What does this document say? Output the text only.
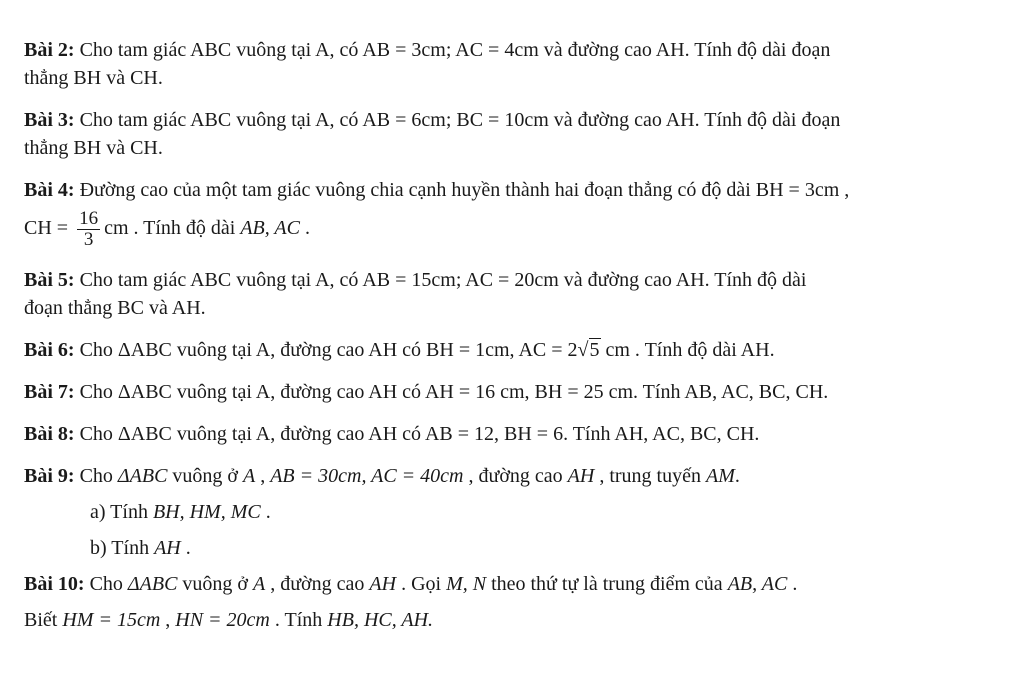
Bài 2: Cho tam giác ABC vuông tại A, có AB = 3cm; AC = 4cm và đường cao AH. Tính độ dài đoạn
thẳng BH và CH.
Bài 3: Cho tam giác ABC vuông tại A, có AB = 6cm; BC = 10cm và đường cao AH. Tính độ dài đoạn
thẳng BH và CH.
Bài 4: Đường cao của một tam giác vuông chia cạnh huyền thành hai đoạn thẳng có độ dài BH = 3cm ,
CH = $\frac{16}{3}$ cm . Tính độ dài AB, AC .
Bài 5: Cho tam giác ABC vuông tại A, có AB = 15cm; AC = 20cm và đường cao AH. Tính độ dài
đoạn thẳng BC và AH.
Bài 6: Cho ΔABC vuông tại A, đường cao AH có BH = 1cm, AC = 2√5 cm . Tính độ dài AH.
Bài 7: Cho ΔABC vuông tại A, đường cao AH có AH = 16 cm, BH = 25 cm. Tính AB, AC, BC, CH.
Bài 8: Cho ΔABC vuông tại A, đường cao AH có AB = 12, BH = 6. Tính AH, AC, BC, CH.
Bài 9: Cho ΔABC vuông ở A , AB = 30cm, AC = 40cm , đường cao AH , trung tuyến AM.
a) Tính BH, HM, MC .
b) Tính AH .
Bài 10: Cho ΔABC vuông ở A , đường cao AH . Gọi M, N theo thứ tự là trung điểm của AB, AC .
Biết HM = 15cm , HN = 20cm . Tính HB, HC, AH.
